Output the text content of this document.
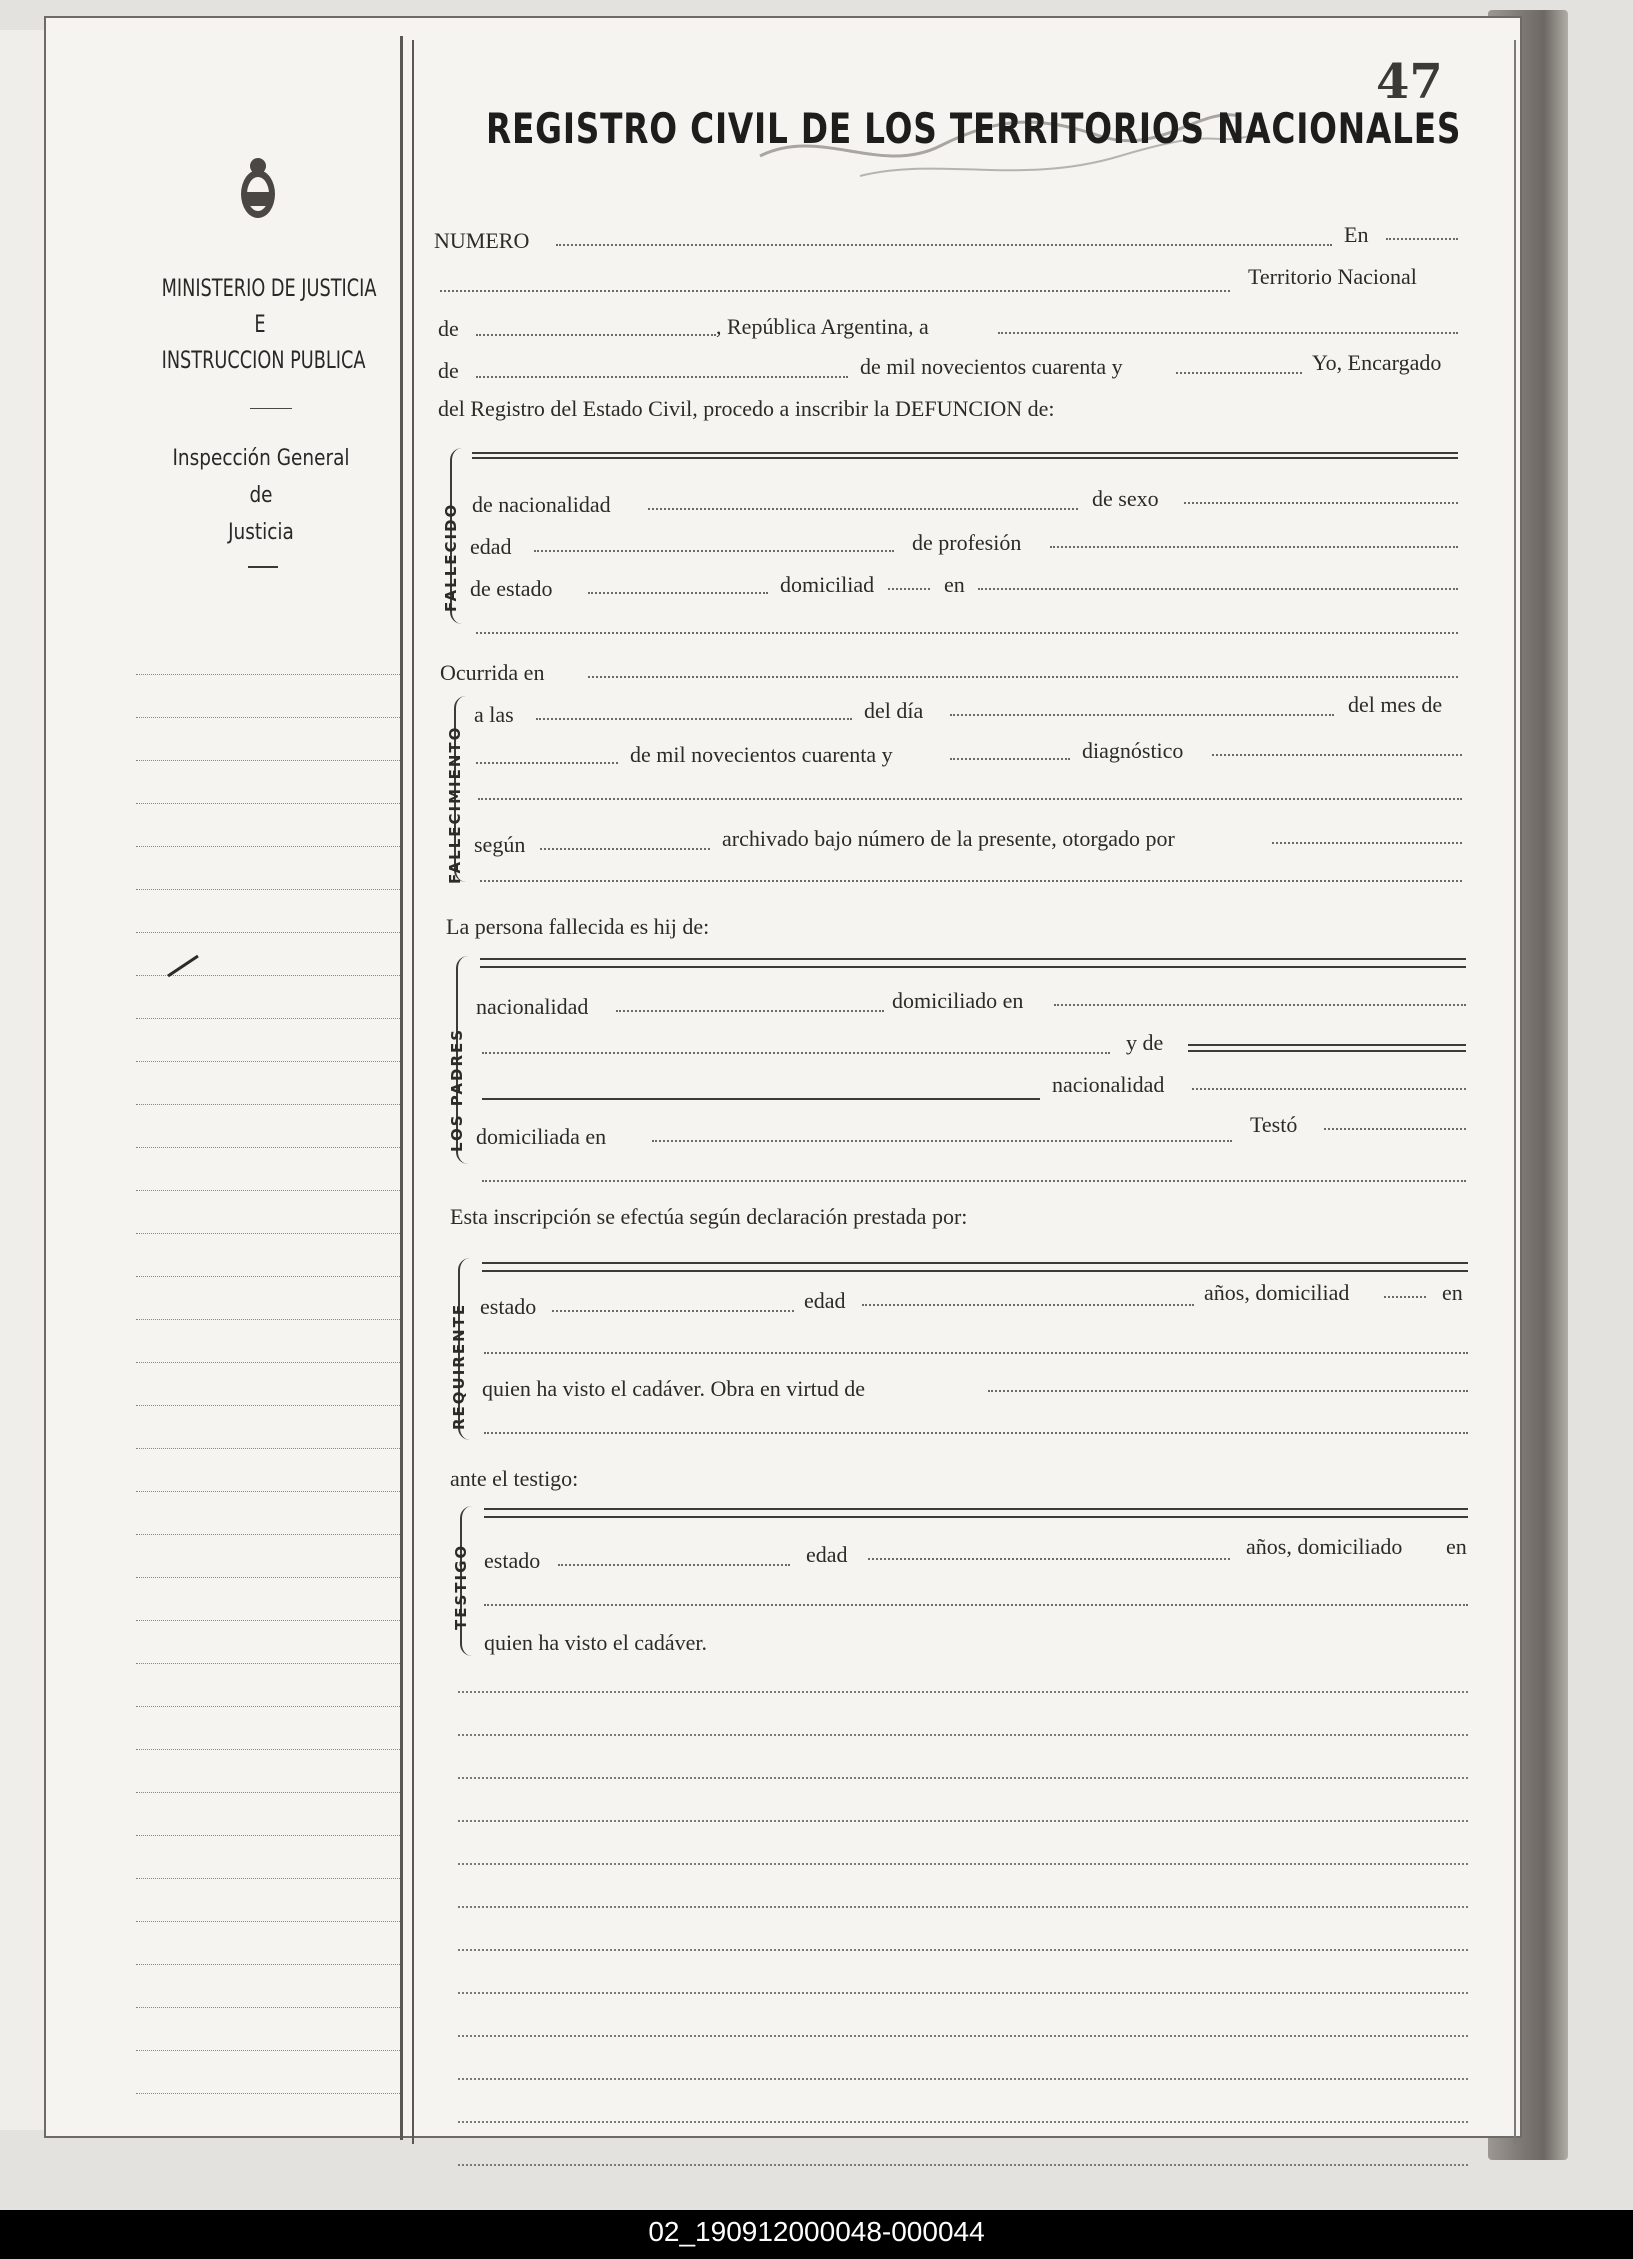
47
REGISTRO CIVIL DE LOS TERRITORIOS NACIONALES
MINISTERIO DE JUSTICIA
E
INSTRUCCION PUBLICA
Inspección General
de
Justicia
NUMERO	En
Territorio Nacional
de	, República Argentina, a
de	de mil novecientos cuarenta y	Yo, Encargado
del Registro del Estado Civil, procedo a inscribir la DEFUNCION de:
FALLECIDO de nacionalidad	de sexo
edad	de profesión
de estado	domiciliad	en
Ocurrida en
FALLECIMIENTO
a las	del día	del mes de
de mil novecientos cuarenta y	diagnóstico
según	archivado bajo número de la presente, otorgado por
La persona fallecida es hij de:
LOS PADRES
nacionalidad	domiciliado en
y de
nacionalidad
domiciliada en	Testó
Esta inscripción se efectúa según declaración prestada por:
REQUIRENTE estado	edad	años, domiciliad	en
quien ha visto el cadáver. Obra en virtud de
ante el testigo:
TESTIGO estado	edad	años, domiciliado en
quien ha visto el cadáver.
02_190912000048-000044
